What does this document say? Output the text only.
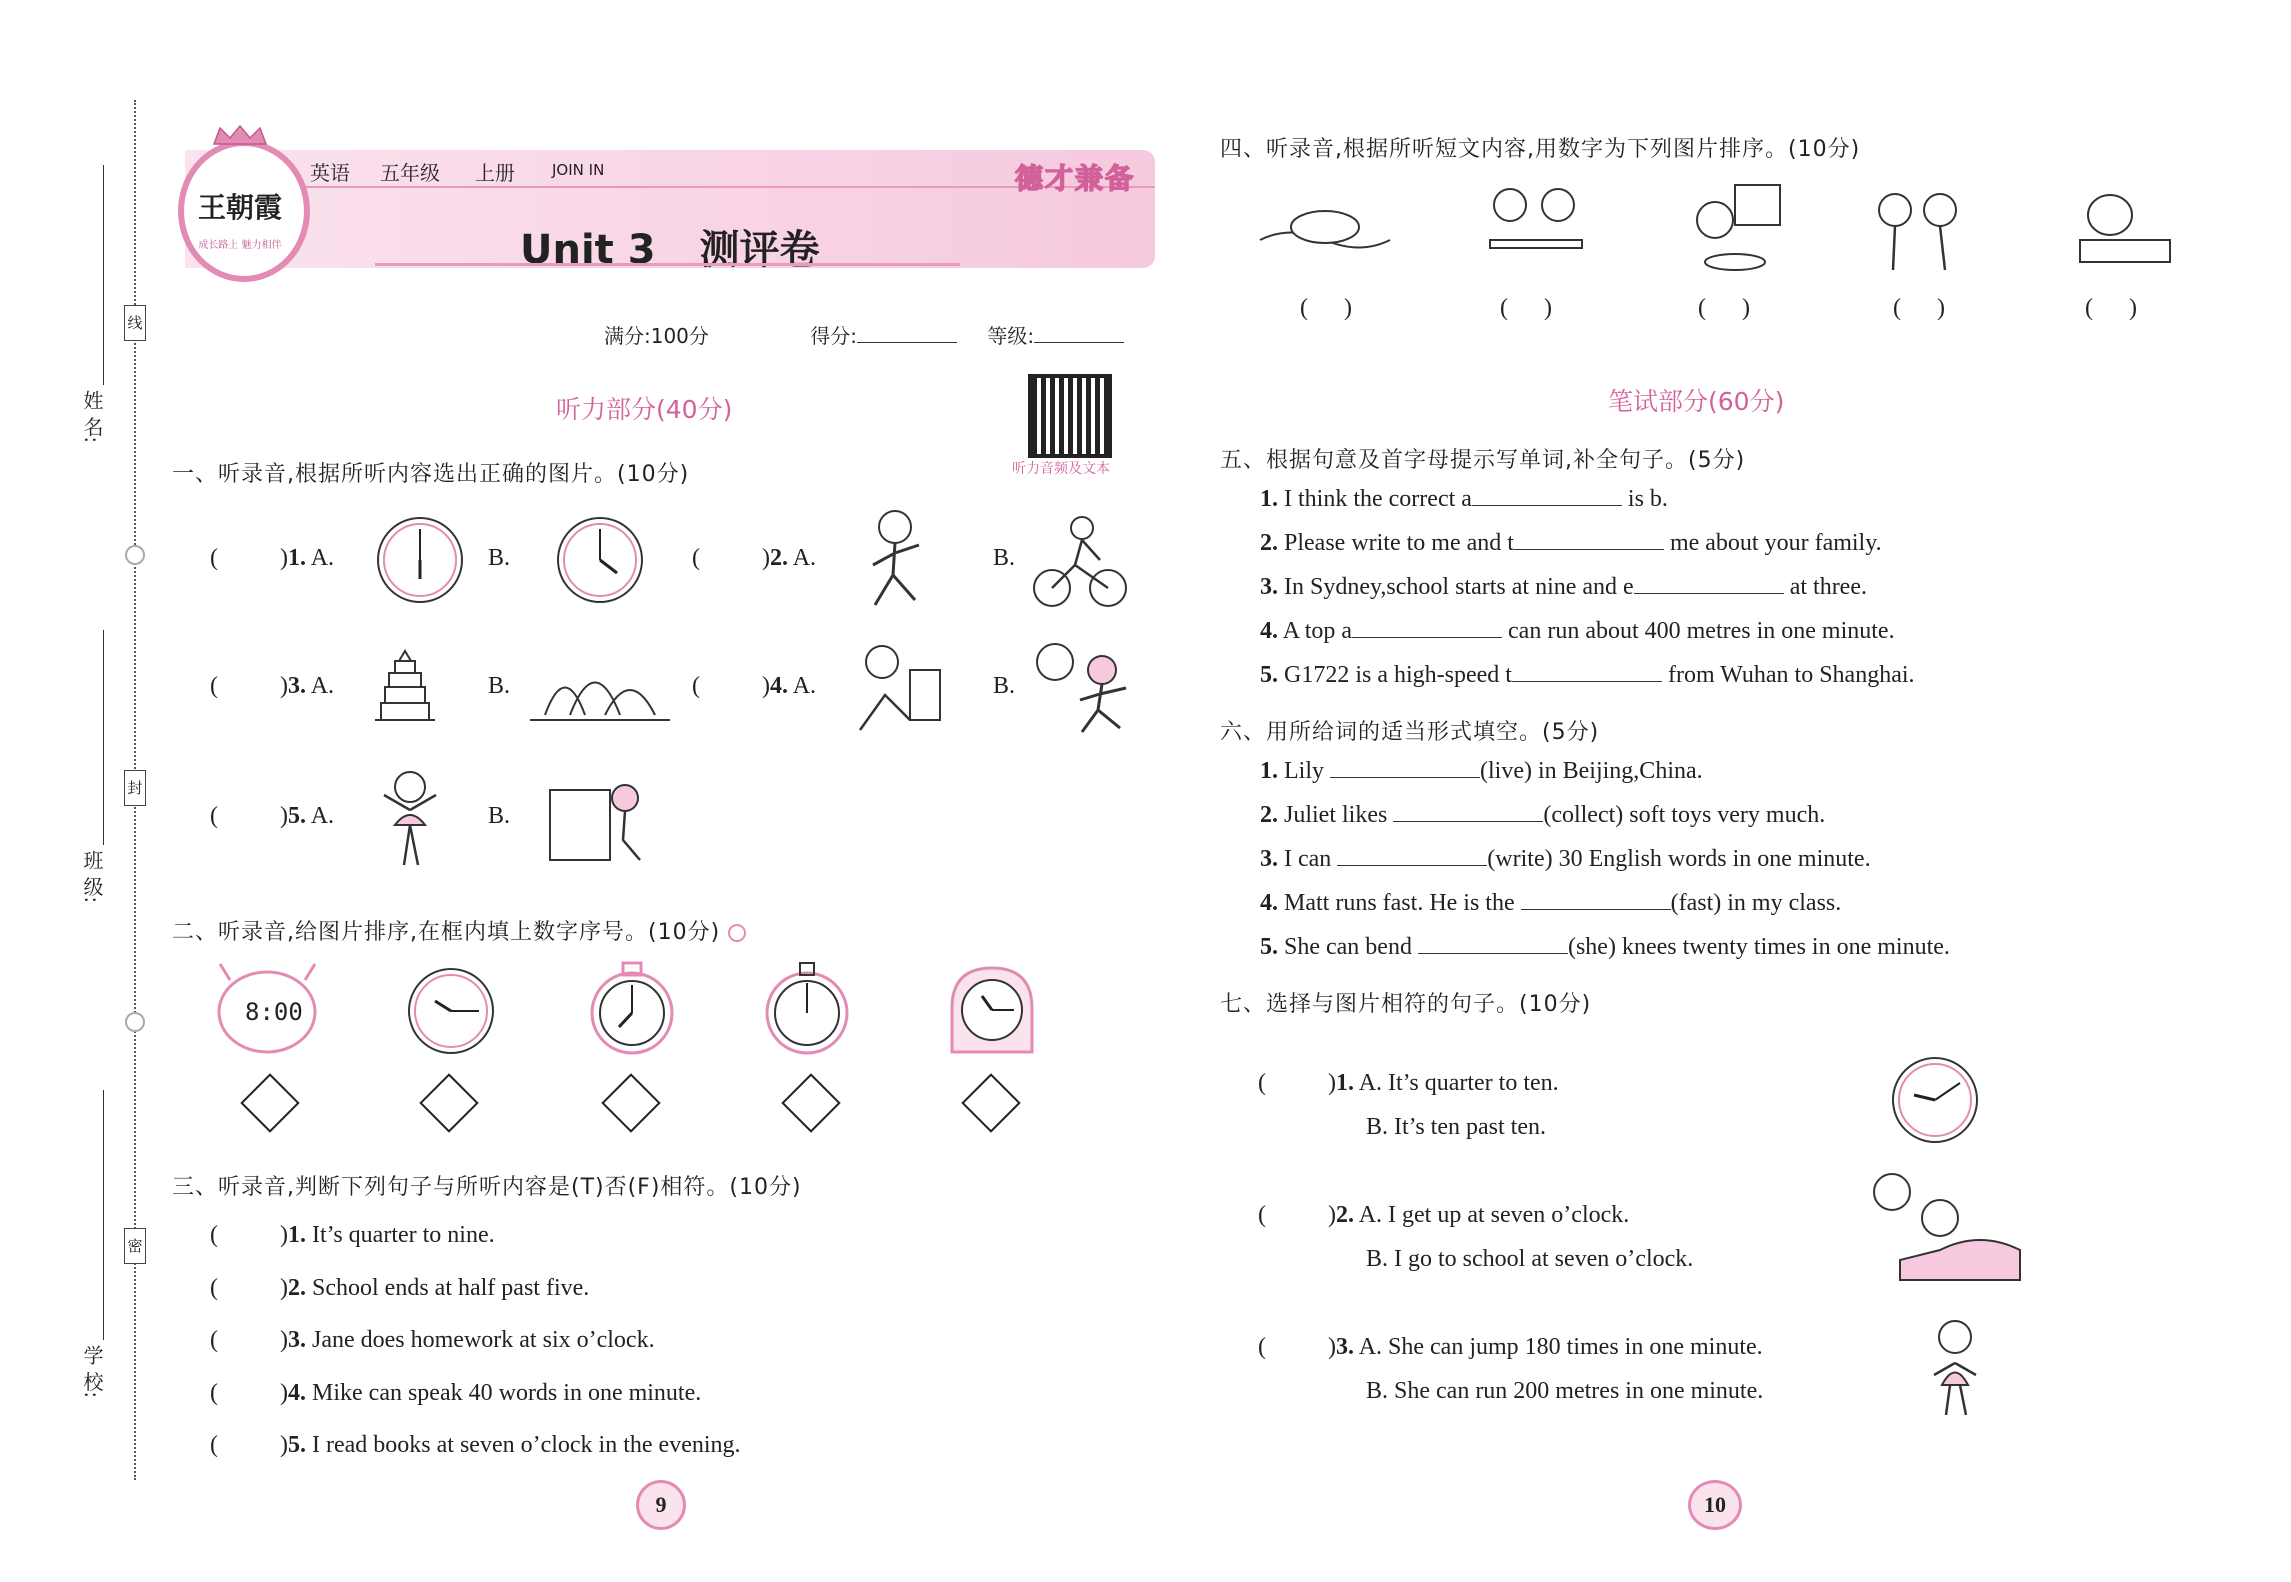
姓 名:
班 级:
学 校:
线
封
密
王朝霞
成长路上 魅力相伴
英语 五年级 上册 JOIN IN	德才兼备
Unit 3 测评卷
满分:100分	得分:	等级:
听力音频及文本
听力部分(40分)
一、听录音,根据所听内容选出正确的图片。(10分)
(	)1. A.	B.	(	)2. A.	B.
(	)3. A.	B.	(	)4. A.	B.
(	)5. A.	B.
二、听录音,给图片排序,在框内填上数字序号。(10分)
8:00
三、听录音,判断下列句子与所听内容是(T)否(F)相符。(10分)
(	)1. It’s quarter to nine.
(	)2. School ends at half past five.
(	)3. Jane does homework at six o’clock.
(	)4. Mike can speak 40 words in one minute.
(	)5. I read books at seven o’clock in the evening.
9
四、听录音,根据所听短文内容,用数字为下列图片排序。(10分)
(      )	(      )	(      )	(      )	(      )
笔试部分(60分)
五、根据句意及首字母提示写单词,补全句子。(5分)
1. I think the correct a	is b.
2. Please write to me and t	me about your family.
3. In Sydney,school starts at nine and e	at three.
4. A top a	can run about 400 metres in one minute.
5. G1722 is a high-speed t	from Wuhan to Shanghai.
六、用所给词的适当形式填空。(5分)
1. Lily	(live) in Beijing,China.
2. Juliet likes	(collect) soft toys very much.
3. I can	(write) 30 English words in one minute.
4. Matt runs fast. He is the	(fast) in my class.
5. She can bend	(she) knees twenty times in one minute.
七、选择与图片相符的句子。(10分)
(	)1. A. It’s quarter to ten.
B. It’s ten past ten.
(	)2. A. I get up at seven o’clock.
B. I go to school at seven o’clock.
(	)3. A. She can jump 180 times in one minute.
B. She can run 200 metres in one minute.
10
